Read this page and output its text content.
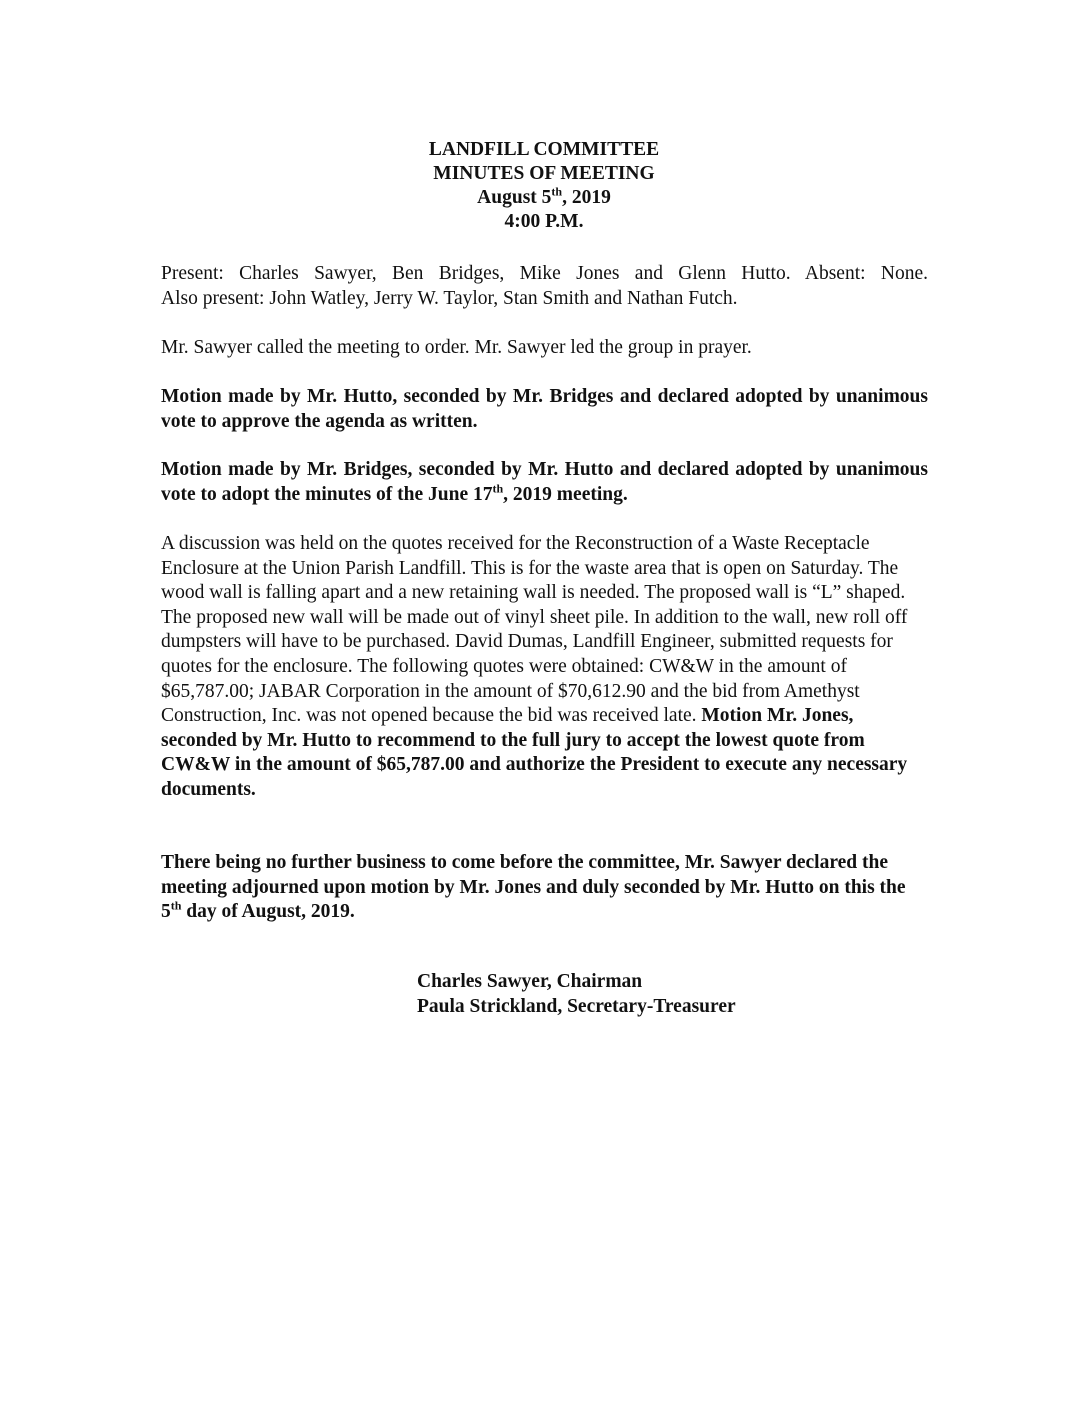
LANDFILL COMMITTEE
MINUTES OF MEETING
August 5th, 2019
4:00 P.M.
Present: Charles Sawyer, Ben Bridges, Mike Jones and Glenn Hutto. Absent: None.
Also present: John Watley, Jerry W. Taylor, Stan Smith and Nathan Futch.
Mr. Sawyer called the meeting to order. Mr. Sawyer led the group in prayer.
Motion made by Mr. Hutto, seconded by Mr. Bridges and declared adopted by unanimous vote to approve the agenda as written.
Motion made by Mr. Bridges, seconded by Mr. Hutto and declared adopted by unanimous vote to adopt the minutes of the June 17th, 2019 meeting.
A discussion was held on the quotes received for the Reconstruction of a Waste Receptacle Enclosure at the Union Parish Landfill. This is for the waste area that is open on Saturday. The wood wall is falling apart and a new retaining wall is needed. The proposed wall is “L” shaped. The proposed new wall will be made out of vinyl sheet pile. In addition to the wall, new roll off dumpsters will have to be purchased. David Dumas, Landfill Engineer, submitted requests for quotes for the enclosure. The following quotes were obtained: CW&W in the amount of $65,787.00; JABAR Corporation in the amount of $70,612.90 and the bid from Amethyst Construction, Inc. was not opened because the bid was received late. Motion Mr. Jones, seconded by Mr. Hutto to recommend to the full jury to accept the lowest quote from CW&W in the amount of $65,787.00 and authorize the President to execute any necessary documents.
There being no further business to come before the committee, Mr. Sawyer declared the meeting adjourned upon motion by Mr. Jones and duly seconded by Mr. Hutto on this the 5th day of August, 2019.
Charles Sawyer, Chairman
Paula Strickland, Secretary-Treasurer
